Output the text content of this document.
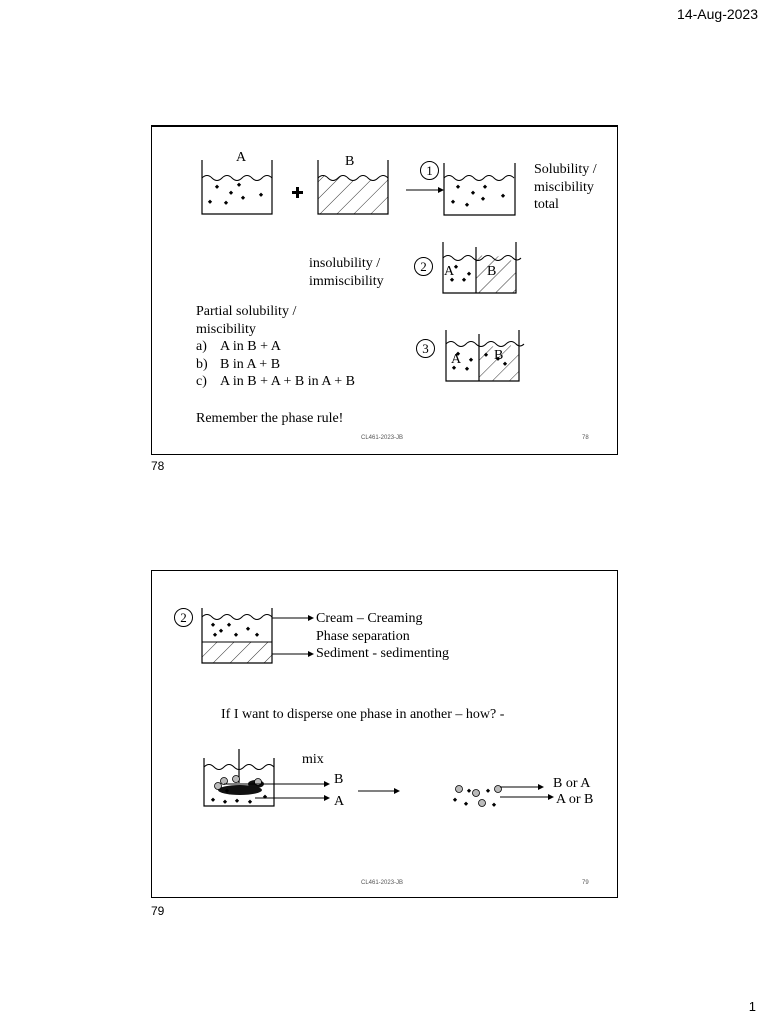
14-Aug-2023
A	B
1
2
3
Solubility /
miscibility
total
insolubility /
immiscibility
A B
A B
Partial solubility /
miscibility
a) A in B + A
b) B in A + B
c) A in B + A + B in A + B
Remember the phase rule!
CL461-2023-JB	78
78
2	Cream – Creaming
Phase separation
Sediment - sedimenting
If I want to disperse one phase in another – how? -
mix
B
A
B or A
A or B
CL461-2023-JB	79
79
1
